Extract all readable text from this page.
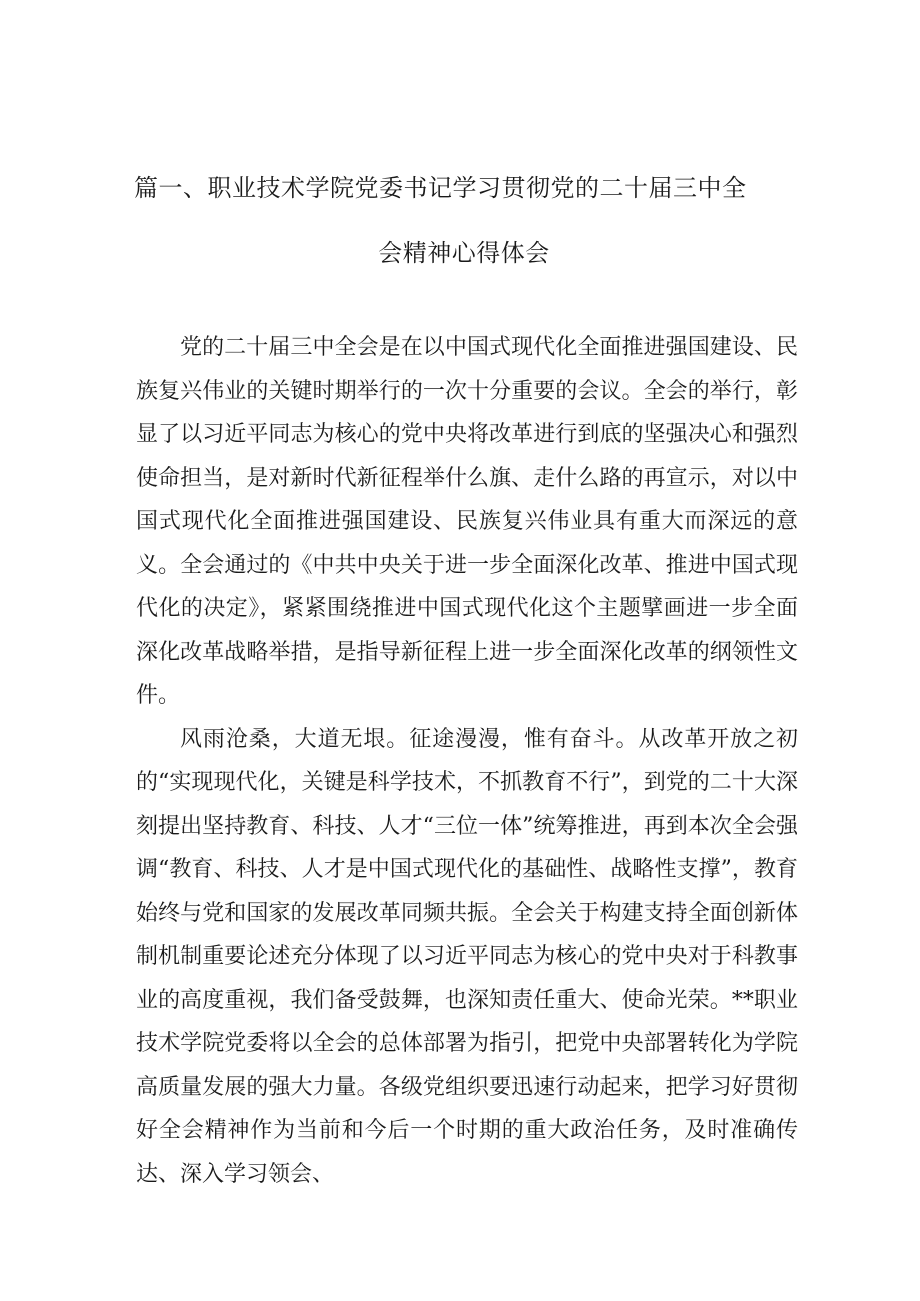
篇一、职业技术学院党委书记学习贯彻党的二十届三中全
会精神心得体会

党的二十届三中全会是在以中国式现代化全面推进强国建设、民族复兴伟业的关键时期举行的一次十分重要的会议。全会的举行，彰显了以习近平同志为核心的党中央将改革进行到底的坚强决心和强烈使命担当，是对新时代新征程举什么旗、走什么路的再宣示，对以中国式现代化全面推进强国建设、民族复兴伟业具有重大而深远的意义。全会通过的《中共中央关于进一步全面深化改革、推进中国式现代化的决定》，紧紧围绕推进中国式现代化这个主题擘画进一步全面深化改革战略举措，是指导新征程上进一步全面深化改革的纲领性文件。

风雨沧桑，大道无垠。征途漫漫，惟有奋斗。从改革开放之初的“实现现代化，关键是科学技术，不抓教育不行”，到党的二十大深刻提出坚持教育、科技、人才“三位一体”统筹推进，再到本次全会强调“教育、科技、人才是中国式现代化的基础性、战略性支撑”，教育始终与党和国家的发展改革同频共振。全会关于构建支持全面创新体制机制重要论述充分体现了以习近平同志为核心的党中央对于科教事业的高度重视，我们备受鼓舞，也深知责任重大、使命光荣。**职业技术学院党委将以全会的总体部署为指引，把党中央部署转化为学院高质量发展的强大力量。各级党组织要迅速行动起来，把学习好贯彻好全会精神作为当前和今后一个时期的重大政治任务，及时准确传达、深入学习领会、
